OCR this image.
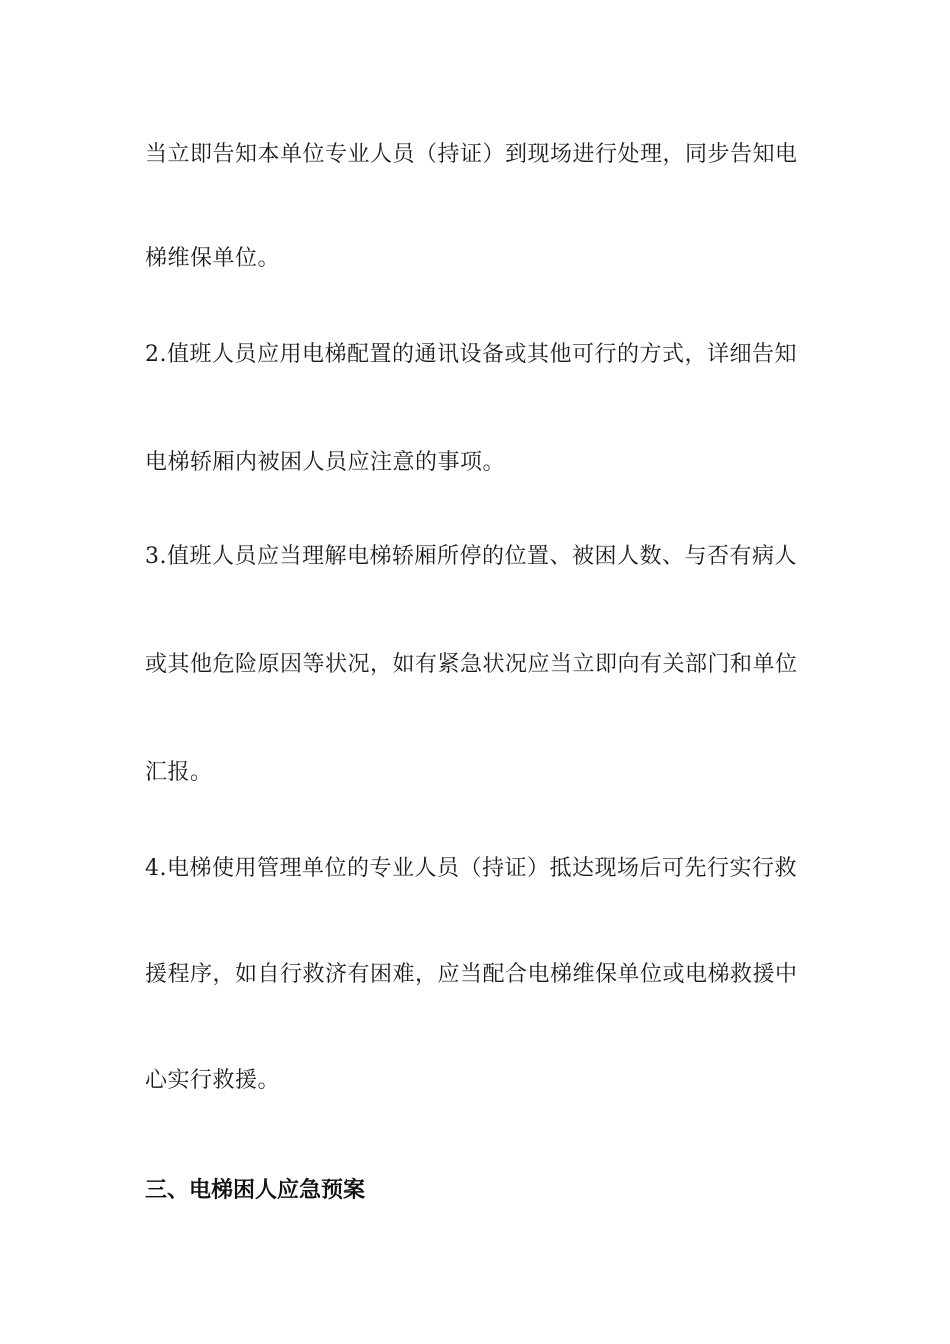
当立即告知本单位专业人员（持证）到现场进行处理，同步告知电
梯维保单位。
2.值班人员应用电梯配置的通讯设备或其他可行的方式，详细告知
电梯轿厢内被困人员应注意的事项。
3.值班人员应当理解电梯轿厢所停的位置、被困人数、与否有病人
或其他危险原因等状况，如有紧急状况应当立即向有关部门和单位
汇报。
4.电梯使用管理单位的专业人员（持证）抵达现场后可先行实行救
援程序，如自行救济有困难，应当配合电梯维保单位或电梯救援中
心实行救援。
三、电梯困人应急预案
